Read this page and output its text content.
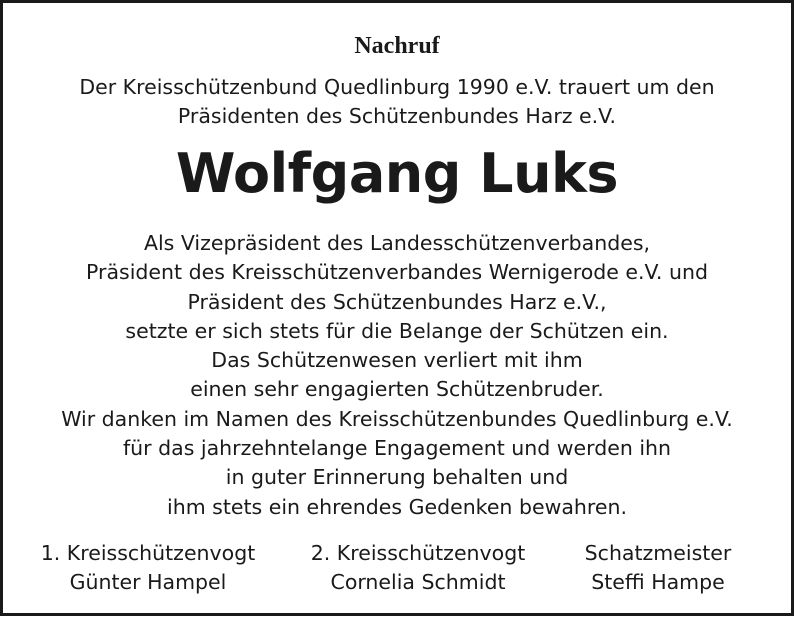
Nachruf
Der Kreisschützenbund Quedlinburg 1990 e.V. trauert um den
Präsidenten des Schützenbundes Harz e.V.
Wolfgang Luks
Als Vizepräsident des Landesschützenverbandes,
Präsident des Kreisschützenverbandes Wernigerode e.V. und
Präsident des Schützenbundes Harz e.V.,
setzte er sich stets für die Belange der Schützen ein.
Das Schützenwesen verliert mit ihm
einen sehr engagierten Schützenbruder.
Wir danken im Namen des Kreisschützenbundes Quedlinburg e.V.
für das jahrzehntelange Engagement und werden ihn
in guter Erinnerung behalten und
ihm stets ein ehrendes Gedenken bewahren.
1. Kreisschützenvogt
Günter Hampel
2. Kreisschützenvogt
Cornelia Schmidt
Schatzmeister
Steffi Hampe
